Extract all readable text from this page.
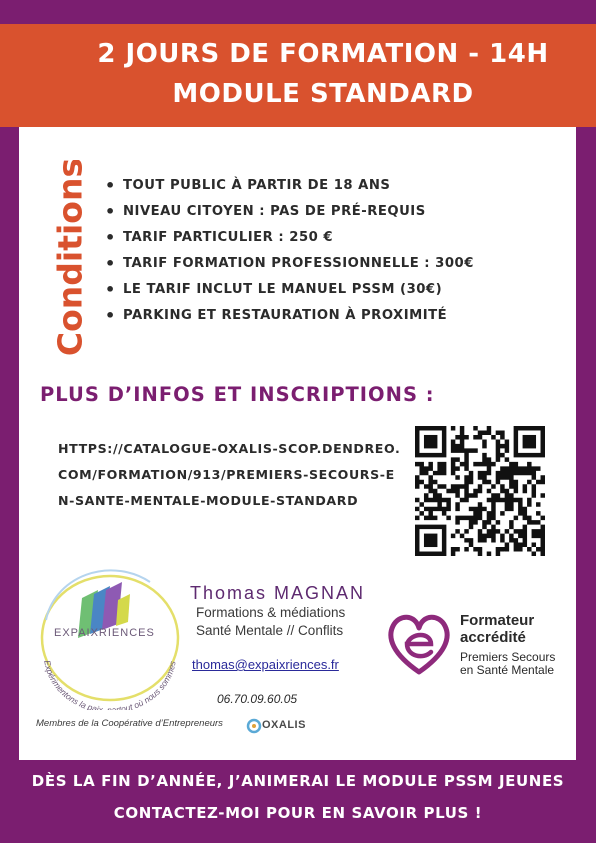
2 JOURS DE FORMATION - 14H
MODULE STANDARD
Conditions
•	TOUT PUBLIC À PARTIR DE 18 ANS
• NIVEAU CITOYEN : PAS DE PRÉ-REQUIS
• TARIF PARTICULIER : 250 €
• TARIF FORMATION PROFESSIONNELLE : 300€
• LE TARIF INCLUT LE MANUEL PSSM (30€)
• PARKING ET RESTAURATION À PROXIMITÉ
PLUS D’INFOS ET INSCRIPTIONS :
HTTPS://CATALOGUE-OXALIS-SCOP.DENDREO.COM/FORMATION/913/PREMIERS-SECOURS-EN-SANTE-MENTALE-MODULE-STANDARD
Expérimentons la paix, partout où nous sommes
EXPAIXRIENCES
Thomas MAGNAN
Formations & médiations
Santé Mentale // Conflits
thomas@expaixriences.fr
06.70.09.60.05
Membres de la Coopérative d’Entrepreneurs	OXALIS
Formateur
accrédité
Premiers Secours
en Santé Mentale
DÈS LA FIN D’ANNÉE, J’ANIMERAI LE MODULE PSSM JEUNES
CONTACTEZ-MOI POUR EN SAVOIR PLUS !
